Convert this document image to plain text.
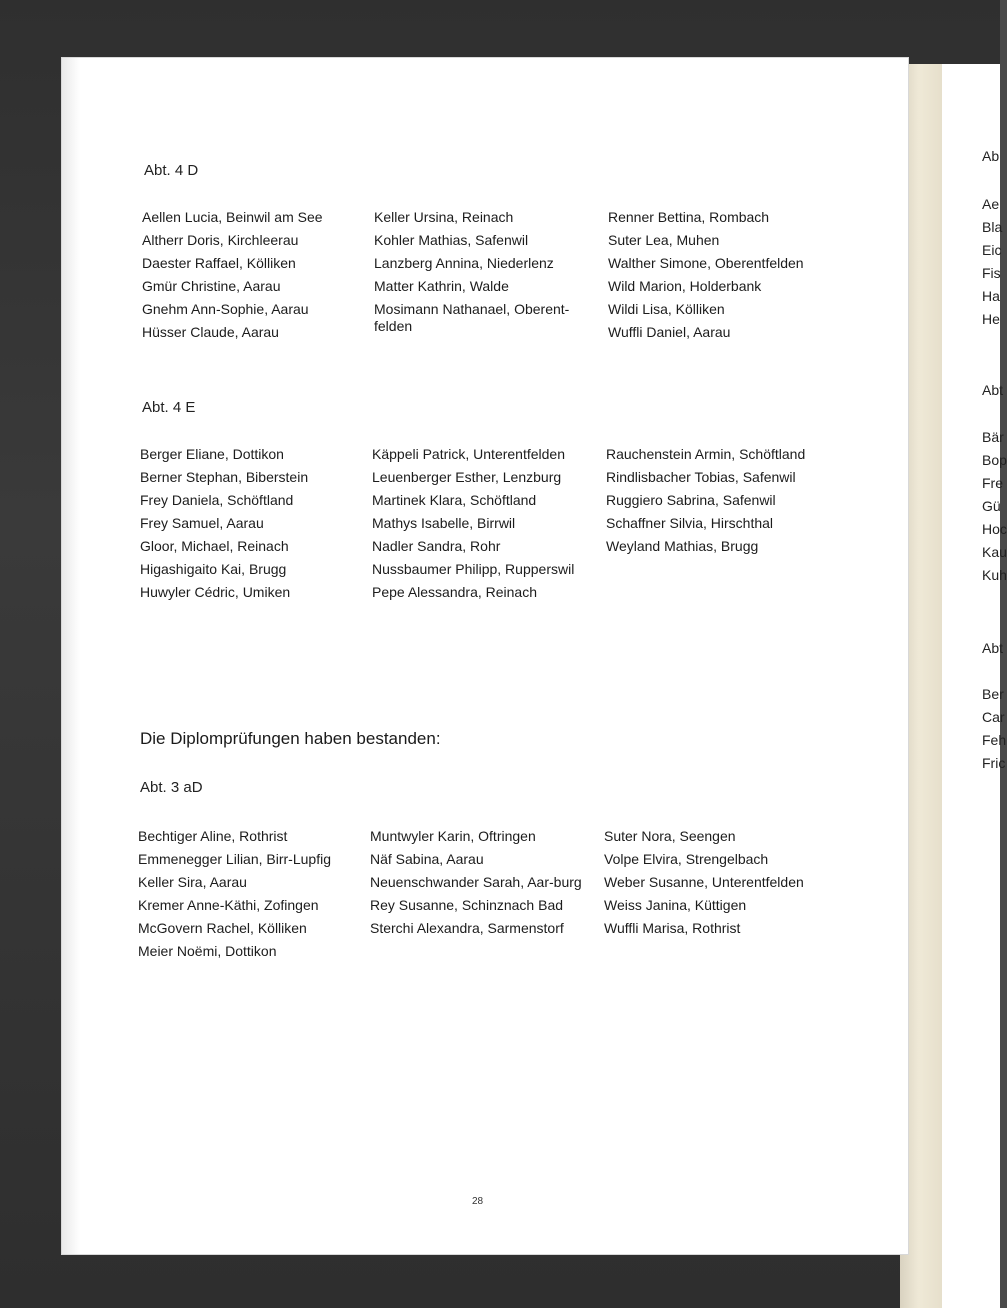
Ab
Ae
Bla
Eic
Fis
Ha
He
Abt
Bär
Bop
Fre
Gü
Hoc
Kau
Kuh
Abt
Ber
Car
Feh
Fric
Abt. 4 D
Aellen Lucia, Beinwil am See
Altherr Doris, Kirchleerau
Daester Raffael, Kölliken
Gmür Christine, Aarau
Gnehm Ann-Sophie, Aarau
Hüsser Claude, Aarau
Keller Ursina, Reinach
Kohler Mathias, Safenwil
Lanzberg Annina, Niederlenz
Matter Kathrin, Walde
Mosimann Nathanael, Oberent-felden
Renner Bettina, Rombach
Suter Lea, Muhen
Walther Simone, Oberentfelden
Wild Marion, Holderbank
Wildi Lisa, Kölliken
Wuffli Daniel, Aarau
Abt. 4 E
Berger Eliane, Dottikon
Berner Stephan, Biberstein
Frey Daniela, Schöftland
Frey Samuel, Aarau
Gloor, Michael, Reinach
Higashigaito Kai, Brugg
Huwyler Cédric, Umiken
Käppeli Patrick, Unterentfelden
Leuenberger Esther, Lenzburg
Martinek Klara, Schöftland
Mathys Isabelle, Birrwil
Nadler Sandra, Rohr
Nussbaumer Philipp, Rupperswil
Pepe Alessandra, Reinach
Rauchenstein Armin, Schöftland
Rindlisbacher Tobias, Safenwil
Ruggiero Sabrina, Safenwil
Schaffner Silvia, Hirschthal
Weyland Mathias, Brugg
Die Diplomprüfungen haben bestanden:
Abt. 3 aD
Bechtiger Aline, Rothrist
Emmenegger Lilian, Birr-Lupfig
Keller Sira, Aarau
Kremer Anne-Käthi, Zofingen
McGovern Rachel, Kölliken
Meier Noëmi, Dottikon
Muntwyler Karin, Oftringen
Näf Sabina, Aarau
Neuenschwander Sarah, Aar-burg
Rey Susanne, Schinznach Bad
Sterchi Alexandra, Sarmenstorf
Suter Nora, Seengen
Volpe Elvira, Strengelbach
Weber Susanne, Unterentfelden
Weiss Janina, Küttigen
Wuffli Marisa, Rothrist
28
